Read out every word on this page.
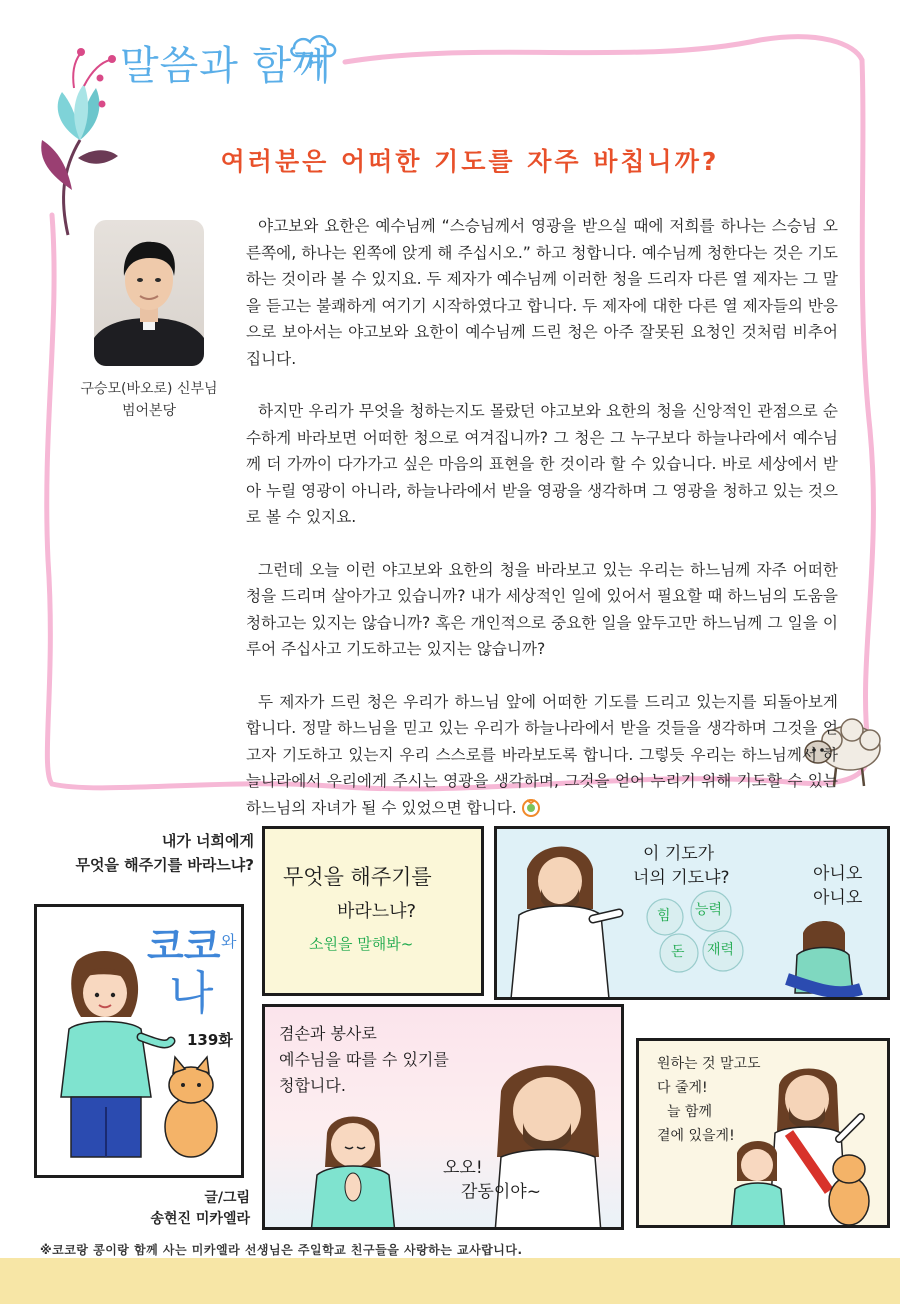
말씀과 함께
여러분은 어떠한 기도를 자주 바칩니까?
구승모(바오로) 신부님
범어본당

야고보와 요한은 예수님께 “스승님께서 영광을 받으실 때에 저희를 하나는 스승님 오른쪽에, 하나는 왼쪽에 앉게 해 주십시오.” 하고 청합니다. 예수님께 청한다는 것은 기도하는 것이라 볼 수 있지요. 두 제자가 예수님께 이러한 청을 드리자 다른 열 제자는 그 말을 듣고는 불쾌하게 여기기 시작하였다고 합니다. 두 제자에 대한 다른 열 제자들의 반응으로 보아서는 야고보와 요한이 예수님께 드린 청은 아주 잘못된 요청인 것처럼 비추어집니다.

하지만 우리가 무엇을 청하는지도 몰랐던 야고보와 요한의 청을 신앙적인 관점으로 순수하게 바라보면 어떠한 청으로 여겨집니까? 그 청은 그 누구보다 하늘나라에서 예수님께 더 가까이 다가가고 싶은 마음의 표현을 한 것이라 할 수 있습니다. 바로 세상에서 받아 누릴 영광이 아니라, 하늘나라에서 받을 영광을 생각하며 그 영광을 청하고 있는 것으로 볼 수 있지요.

그런데 오늘 이런 야고보와 요한의 청을 바라보고 있는 우리는 하느님께 자주 어떠한 청을 드리며 살아가고 있습니까? 내가 세상적인 일에 있어서 필요할 때 하느님의 도움을 청하고는 있지는 않습니까? 혹은 개인적으로 중요한 일을 앞두고만 하느님께 그 일을 이루어 주십사고 기도하고는 있지는 않습니까?

두 제자가 드린 청은 우리가 하느님 앞에 어떠한 기도를 드리고 있는지를 되돌아보게 합니다. 정말 하느님을 믿고 있는 우리가 하늘나라에서 받을 것들을 생각하며 그것을 얻고자 기도하고 있는지 우리 스스로를 바라보도록 합니다. 그렇듯 우리는 하느님께서 하늘나라에서 우리에게 주시는 영광을 생각하며, 그것을 얻어 누리기 위해 기도할 수 있는 하느님의 자녀가 될 수 있었으면 합니다.

내가 너희에게
무엇을 해주기를 바라느냐?
코코 와
나
139화
무엇을 해주기를
바라느냐?
소원을 말해봐~
이 기도가
너의 기도냐?	아니오
아니오
힘 능력
돈 재력
겸손과 봉사로
예수님을 따를 수 있기를
청합니다.
오오!
감동이야~
원하는 것 말고도
다 줄게!
늘 함께
곁에 있을게!
글/그림
송현진 미카엘라
※코코랑 콩이랑 함께 사는 미카엘라 선생님은 주일학교 친구들을 사랑하는 교사랍니다.
